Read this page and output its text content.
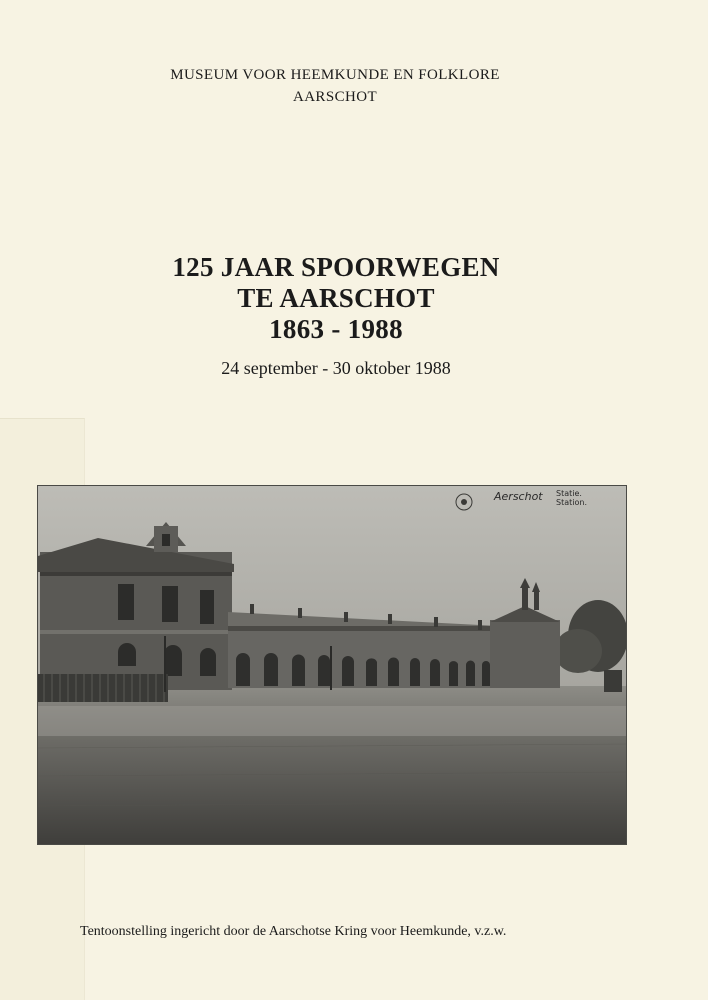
MUSEUM VOOR HEEMKUNDE EN FOLKLORE
AARSCHOT
125 JAAR SPOORWEGEN
TE AARSCHOT
1863 - 1988
24 september - 30 oktober 1988
Aerschot Statie.
Station.
Tentoonstelling ingericht door de Aarschotse Kring voor Heemkunde, v.z.w.
